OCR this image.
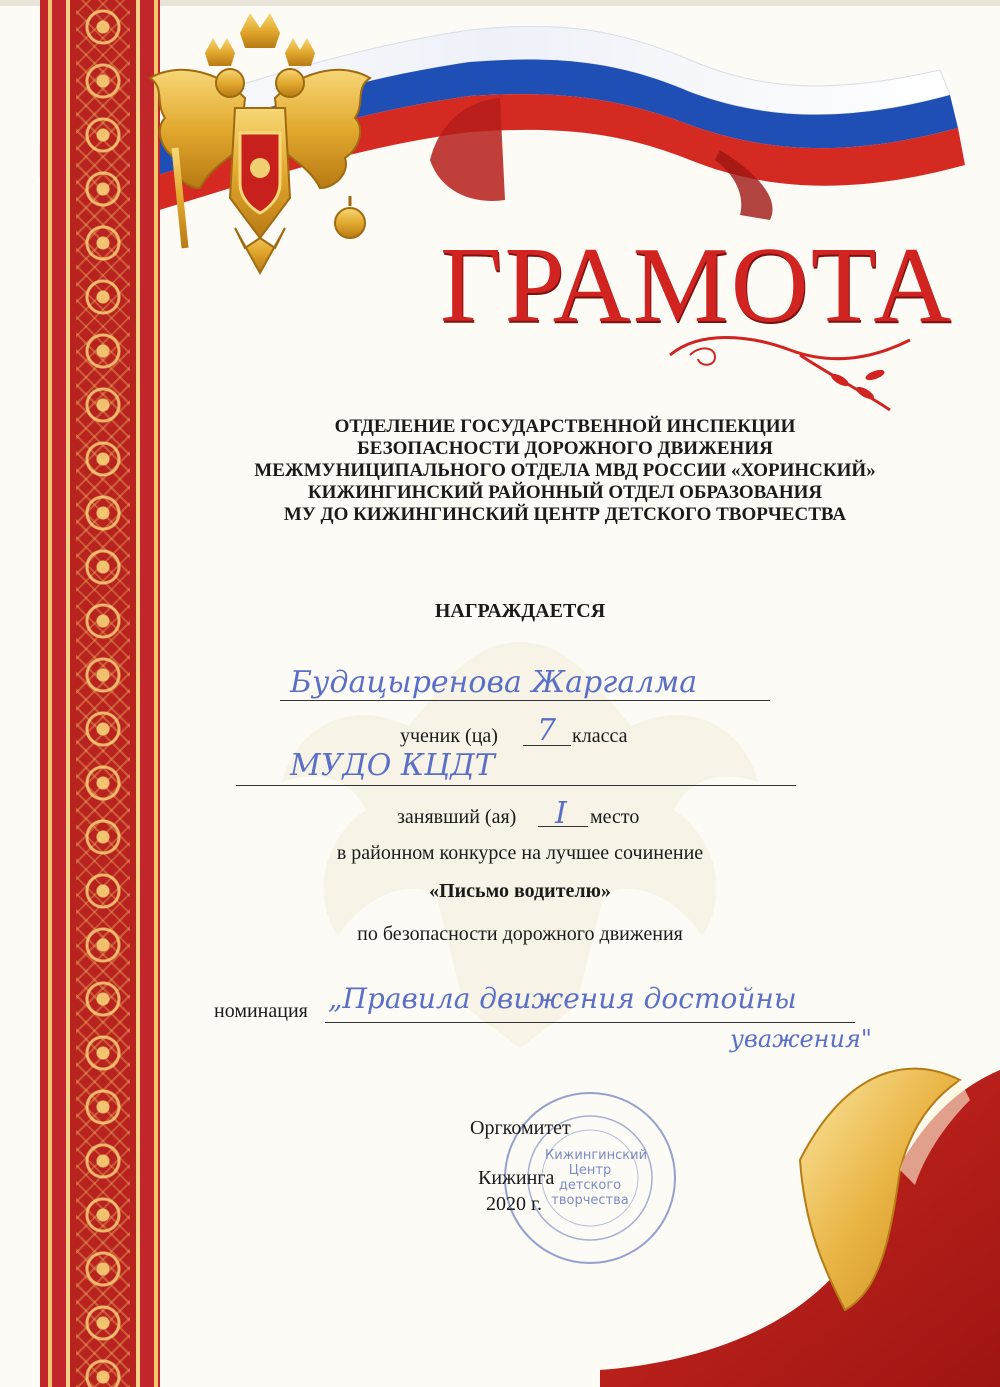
ГРАМОТА
ОТДЕЛЕНИЕ ГОСУДАРСТВЕННОЙ ИНСПЕКЦИИ
БЕЗОПАСНОСТИ ДОРОЖНОГО ДВИЖЕНИЯ
МЕЖМУНИЦИПАЛЬНОГО ОТДЕЛА МВД РОССИИ «ХОРИНСКИЙ»
КИЖИНГИНСКИЙ РАЙОННЫЙ ОТДЕЛ ОБРАЗОВАНИЯ
МУ ДО КИЖИНГИНСКИЙ ЦЕНТР ДЕТСКОГО ТВОРЧЕСТВА
НАГРАЖДАЕТСЯ
Будацыренова Жаргалма
ученик (ца) 7 класса
МУДО КЦДТ
занявший (ая) I место
в районном конкурсе на лучшее сочинение
«Письмо водителю»
по безопасности дорожного движения
номинация „Правила движения достойны
уважения"
Кижингинский
Центр
детского
творчества
Оргкомитет
Кижинга
2020 г.
